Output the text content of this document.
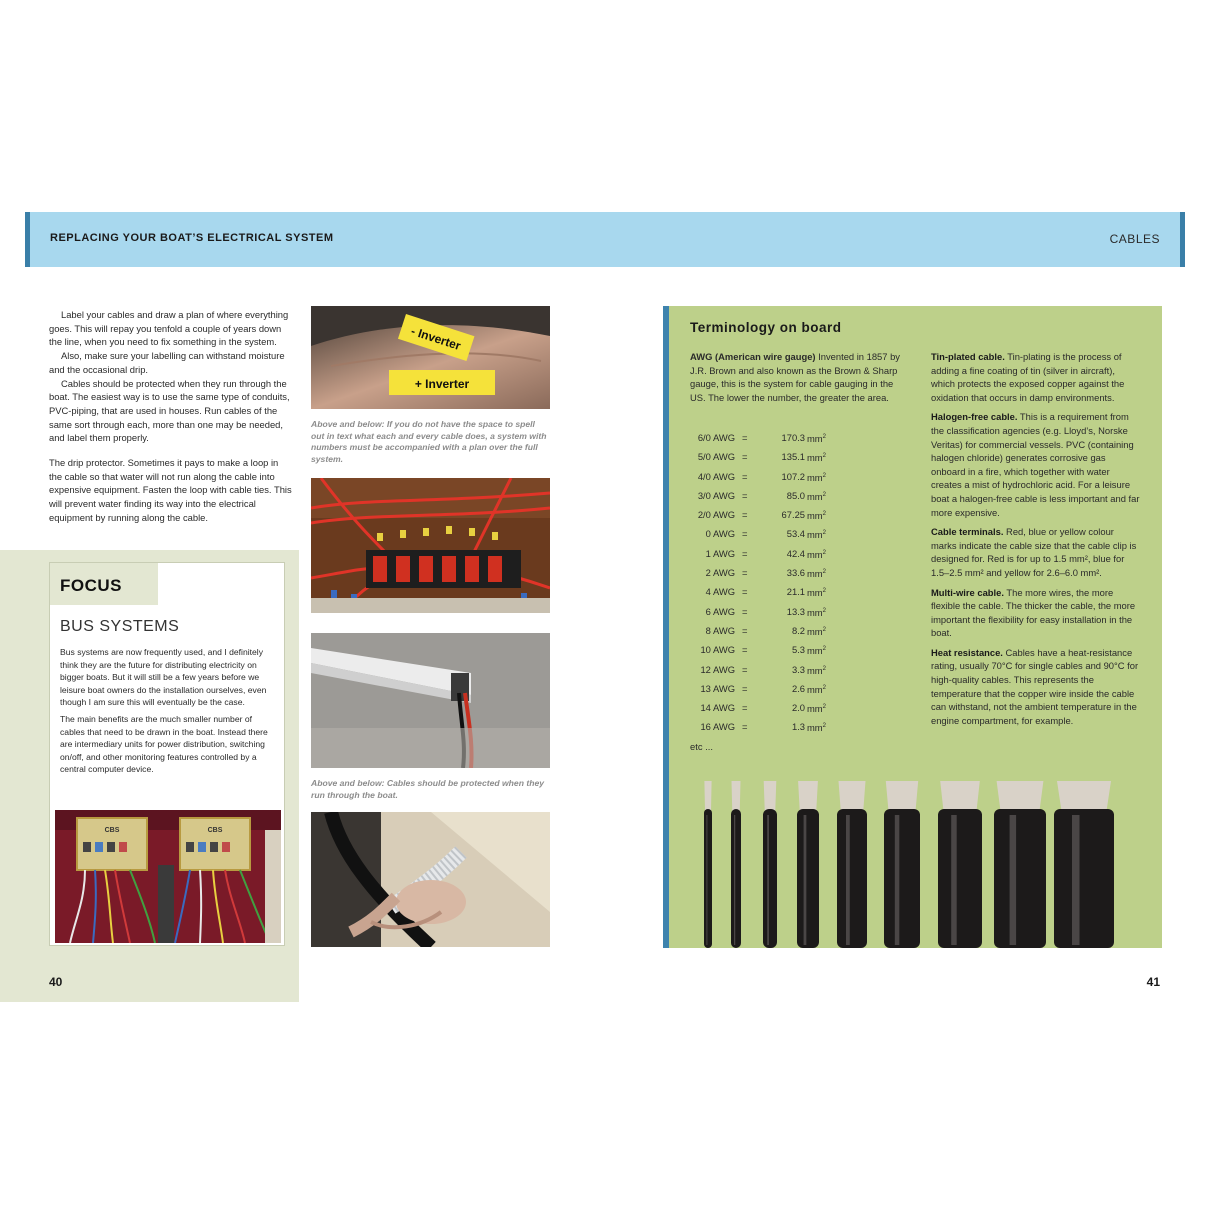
REPLACING YOUR BOAT’S ELECTRICAL SYSTEM	CABLES

Label your cables and draw a plan of where everything goes. This will repay you tenfold a couple of years down the line, when you need to fix something in the system.

Also, make sure your labelling can withstand moisture and the occasional drip.

Cables should be protected when they run through the boat. The easiest way is to use the same type of conduits, PVC-piping, that are used in houses. Run cables of the same sort through each, more than one may be needed, and label them properly.

The drip protector. Sometimes it pays to make a loop in the cable so that water will not run along the cable into expensive equipment. Fasten the loop with cable ties. This will prevent water finding its way into the electrical equipment by running along the cable.

FOCUS
BUS SYSTEMS

Bus systems are now frequently used, and I definitely think they are the future for distributing electricity on bigger boats. But it will still be a few years before we leisure boat owners do the installation ourselves, even though I am sure this will eventually be the case.

The main benefits are the much smaller number of cables that need to be drawn in the boat. Instead there are intermediary units for power distribution, switching on/off, and other monitoring features controlled by a central computer device.

CBS	CBS
- Inverter
+ Inverter
Above and below: If you do not have the space to spell out in text what each and every cable does, a system with numbers must be accompanied with a plan over the full system.
Above and below: Cables should be protected when they run through the boat.
Terminology on board
AWG (American wire gauge) Invented in 1857 by J.R. Brown and also known as the Brown & Sharp gauge, this is the system for cable gauging in the US. The lower the number, the greater the area.
6/0 AWG =	170.3 $mm^2$
5/0 AWG =	135.1 $mm^2$
4/0 AWG =	107.2 $mm^2$
3/0 AWG =	85.0 $mm^2$
2/0 AWG =	67.25 $mm^2$
0 AWG =	53.4 $mm^2$
1 AWG =	42.4 $mm^2$
2 AWG =	33.6 $mm^2$
4 AWG =	21.1 $mm^2$
6 AWG =	13.3 $mm^2$
8 AWG =	8.2 $mm^2$
10 AWG =	5.3 $mm^2$
12 AWG =	3.3 $mm^2$
13 AWG =	2.6 $mm^2$
14 AWG =	2.0 $mm^2$
16 AWG =	1.3 $mm^2$
etc ...

Tin-plated cable. Tin-plating is the process of adding a fine coating of tin (silver in aircraft), which protects the exposed copper against the oxidation that occurs in damp environments.

Halogen-free cable. This is a requirement from the classification agencies (e.g. Lloyd’s, Norske Veritas) for commercial vessels. PVC (containing halogen chloride) generates corrosive gas onboard in a fire, which together with water creates a mist of hydrochloric acid. For a leisure boat a halogen-free cable is less important and far more expensive.

Cable terminals. Red, blue or yellow colour marks indicate the cable size that the cable clip is designed for. Red is for up to 1.5 mm², blue for 1.5–2.5 mm² and yellow for 2.6–6.0 mm².

Multi-wire cable. The more wires, the more flexible the cable. The thicker the cable, the more important the flexibility for easy installation in the boat.

Heat resistance. Cables have a heat-resistance rating, usually 70°C for single cables and 90°C for high-quality cables. This represents the temperature that the copper wire inside the cable can withstand, not the ambient temperature in the engine compartment, for example.

40	41
